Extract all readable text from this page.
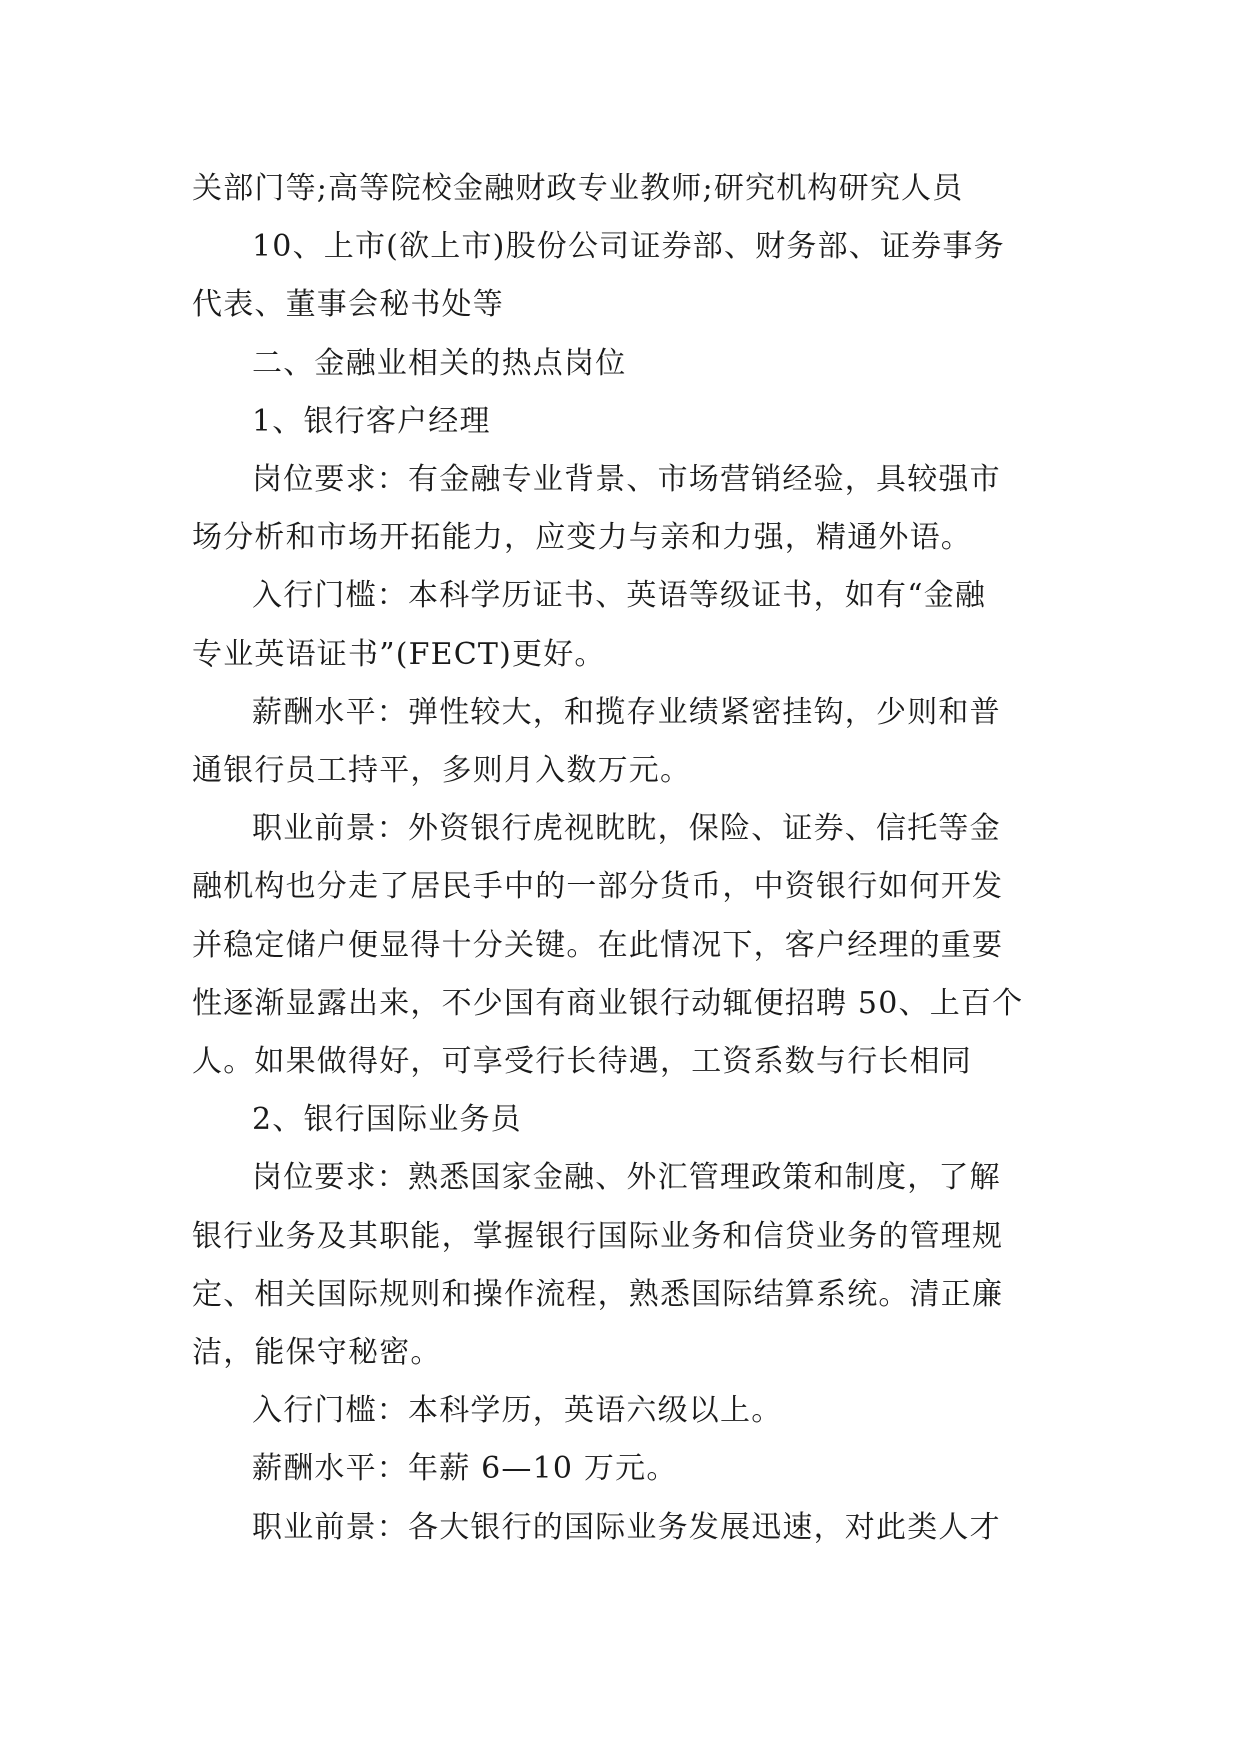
关部门等;高等院校金融财政专业教师;研究机构研究人员
10、上市(欲上市)股份公司证券部、财务部、证券事务
代表、董事会秘书处等
二、金融业相关的热点岗位
1、银行客户经理
岗位要求：有金融专业背景、市场营销经验，具较强市
场分析和市场开拓能力，应变力与亲和力强，精通外语。
入行门槛：本科学历证书、英语等级证书，如有“金融
专业英语证书”(FECT)更好。
薪酬水平：弹性较大，和揽存业绩紧密挂钩，少则和普
通银行员工持平，多则月入数万元。
职业前景：外资银行虎视眈眈，保险、证券、信托等金
融机构也分走了居民手中的一部分货币，中资银行如何开发
并稳定储户便显得十分关键。在此情况下，客户经理的重要
性逐渐显露出来，不少国有商业银行动辄便招聘 50、上百个
人。如果做得好，可享受行长待遇，工资系数与行长相同
2、银行国际业务员
岗位要求：熟悉国家金融、外汇管理政策和制度，了解
银行业务及其职能，掌握银行国际业务和信贷业务的管理规
定、相关国际规则和操作流程，熟悉国际结算系统。清正廉
洁，能保守秘密。
入行门槛：本科学历，英语六级以上。
薪酬水平：年薪 6—10 万元。
职业前景：各大银行的国际业务发展迅速，对此类人才
